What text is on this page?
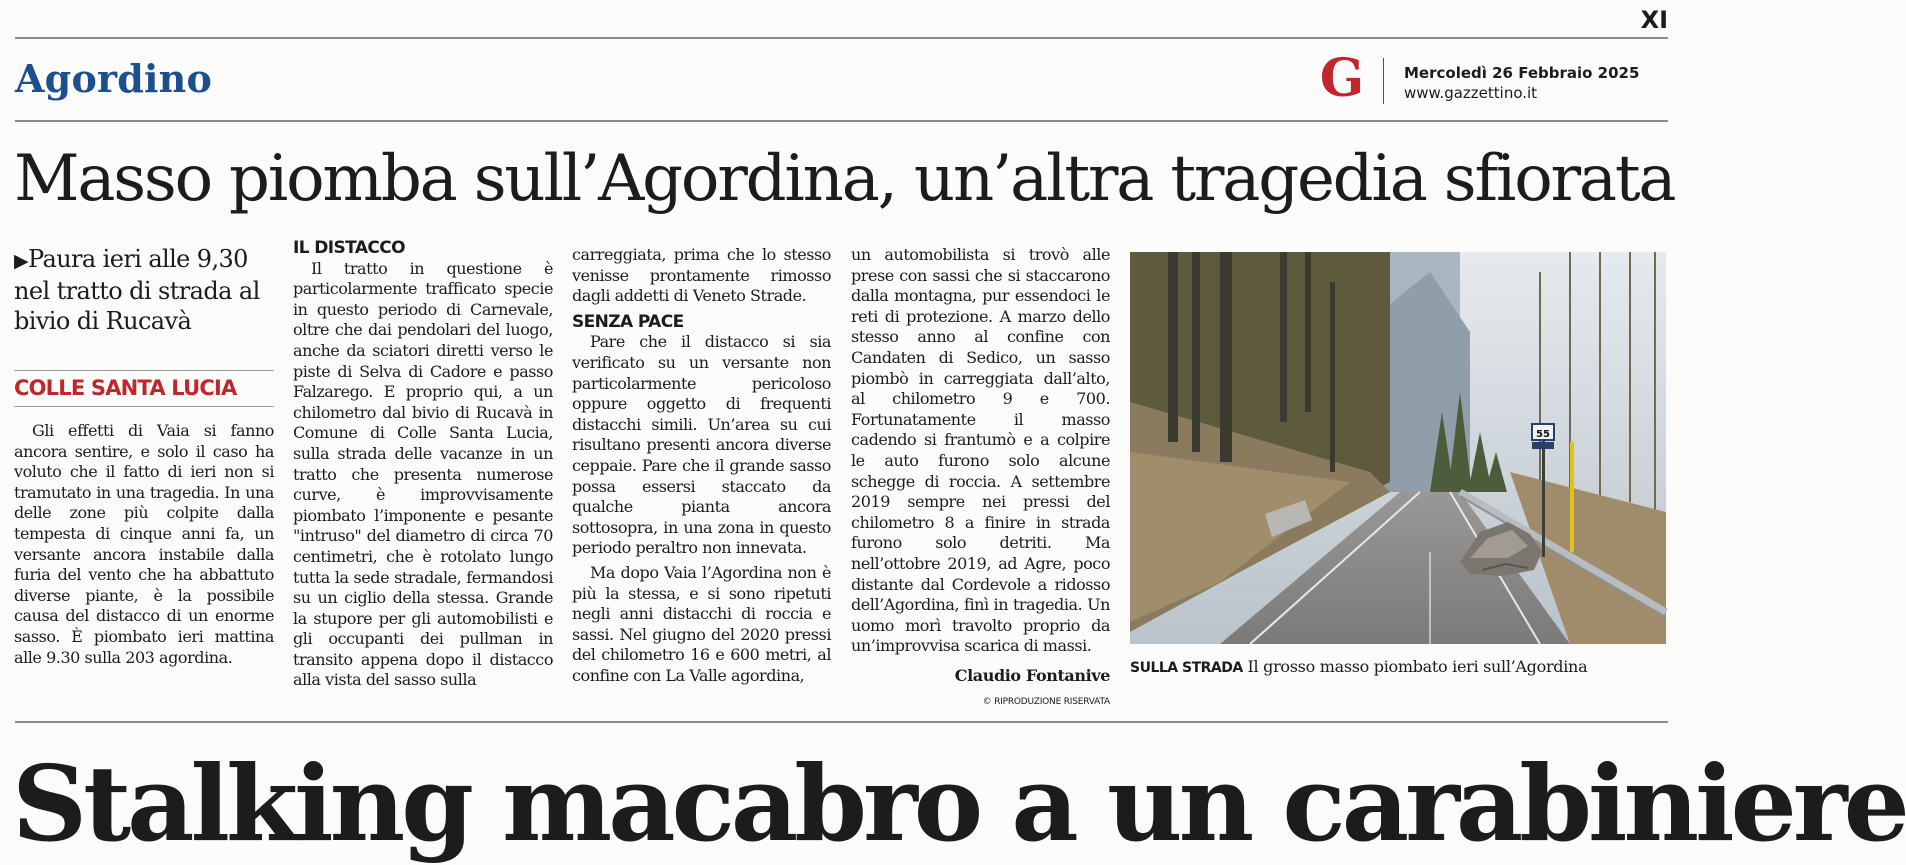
XI
Agordino	G	Mercoledì 26 Febbraio 2025
www.gazzettino.it
Masso piomba sull’Agordina, un’altra tragedia sfiorata
▶Paura ieri alle 9,30 nel tratto di strada al bivio di Rucavà
COLLE SANTA LUCIA

Gli effetti di Vaia si fanno ancora sentire, e solo il caso ha voluto che il fatto di ieri non si tramutato in una tragedia. In una delle zone più colpite dalla tempesta di cinque anni fa, un versante ancora instabile dalla furia del vento che ha abbattuto diverse piante, è la possibile causa del distacco di un enorme sasso. È piombato ieri mattina alle 9.30 sulla 203 agordina.

IL DISTACCO

Il tratto in questione è particolarmente trafficato specie in questo periodo di Carnevale, oltre che dai pendolari del luogo, anche da sciatori diretti verso le piste di Selva di Cadore e passo Falzarego. E proprio qui, a un chilometro dal bivio di Rucavà in Comune di Colle Santa Lucia, sulla strada delle vacanze in un tratto che presenta numerose curve, è improvvisamente piombato l’imponente e pesante "intruso" del diametro di circa 70 centimetri, che è rotolato lungo tutta la sede stradale, fermandosi su un ciglio della stessa. Grande la stupore per gli automobilisti e gli occupanti dei pullman in transito appena dopo il distacco alla vista del sasso sulla

carreggiata, prima che lo stesso venisse prontamente rimosso dagli addetti di Veneto Strade.

SENZA PACE

Pare che il distacco si sia verificato su un versante non particolarmente pericoloso oppure oggetto di frequenti distacchi simili. Un’area su cui risultano presenti ancora diverse ceppaie. Pare che il grande sasso possa essersi staccato da qualche pianta ancora sottosopra, in una zona in questo periodo peraltro non innevata.

Ma dopo Vaia l’Agordina non è più la stessa, e si sono ripetuti negli anni distacchi di roccia e sassi. Nel giugno del 2020 pressi del chilometro 16 e 600 metri, al confine con La Valle agordina,

un automobilista si trovò alle prese con sassi che si staccarono dalla montagna, pur essendoci le reti di protezione. A marzo dello stesso anno al confine con Candaten di Sedico, un sasso piombò in carreggiata dall’alto, al chilometro 9 e 700. Fortunatamente il masso cadendo si frantumò e a colpire le auto furono solo alcune schegge di roccia. A settembre 2019 sempre nei pressi del chilometro 8 a finire in strada furono solo detriti. Ma nell’ottobre 2019, ad Agre, poco distante dal Cordevole a ridosso dell’Agordina, finì in tragedia. Un uomo morì travolto proprio da un’improvvisa scarica di massi.

Claudio Fontanive
© RIPRODUZIONE RISERVATA
55
SULLA STRADA Il grosso masso piombato ieri sull’Agordina
Stalking macabro a un carabiniere
